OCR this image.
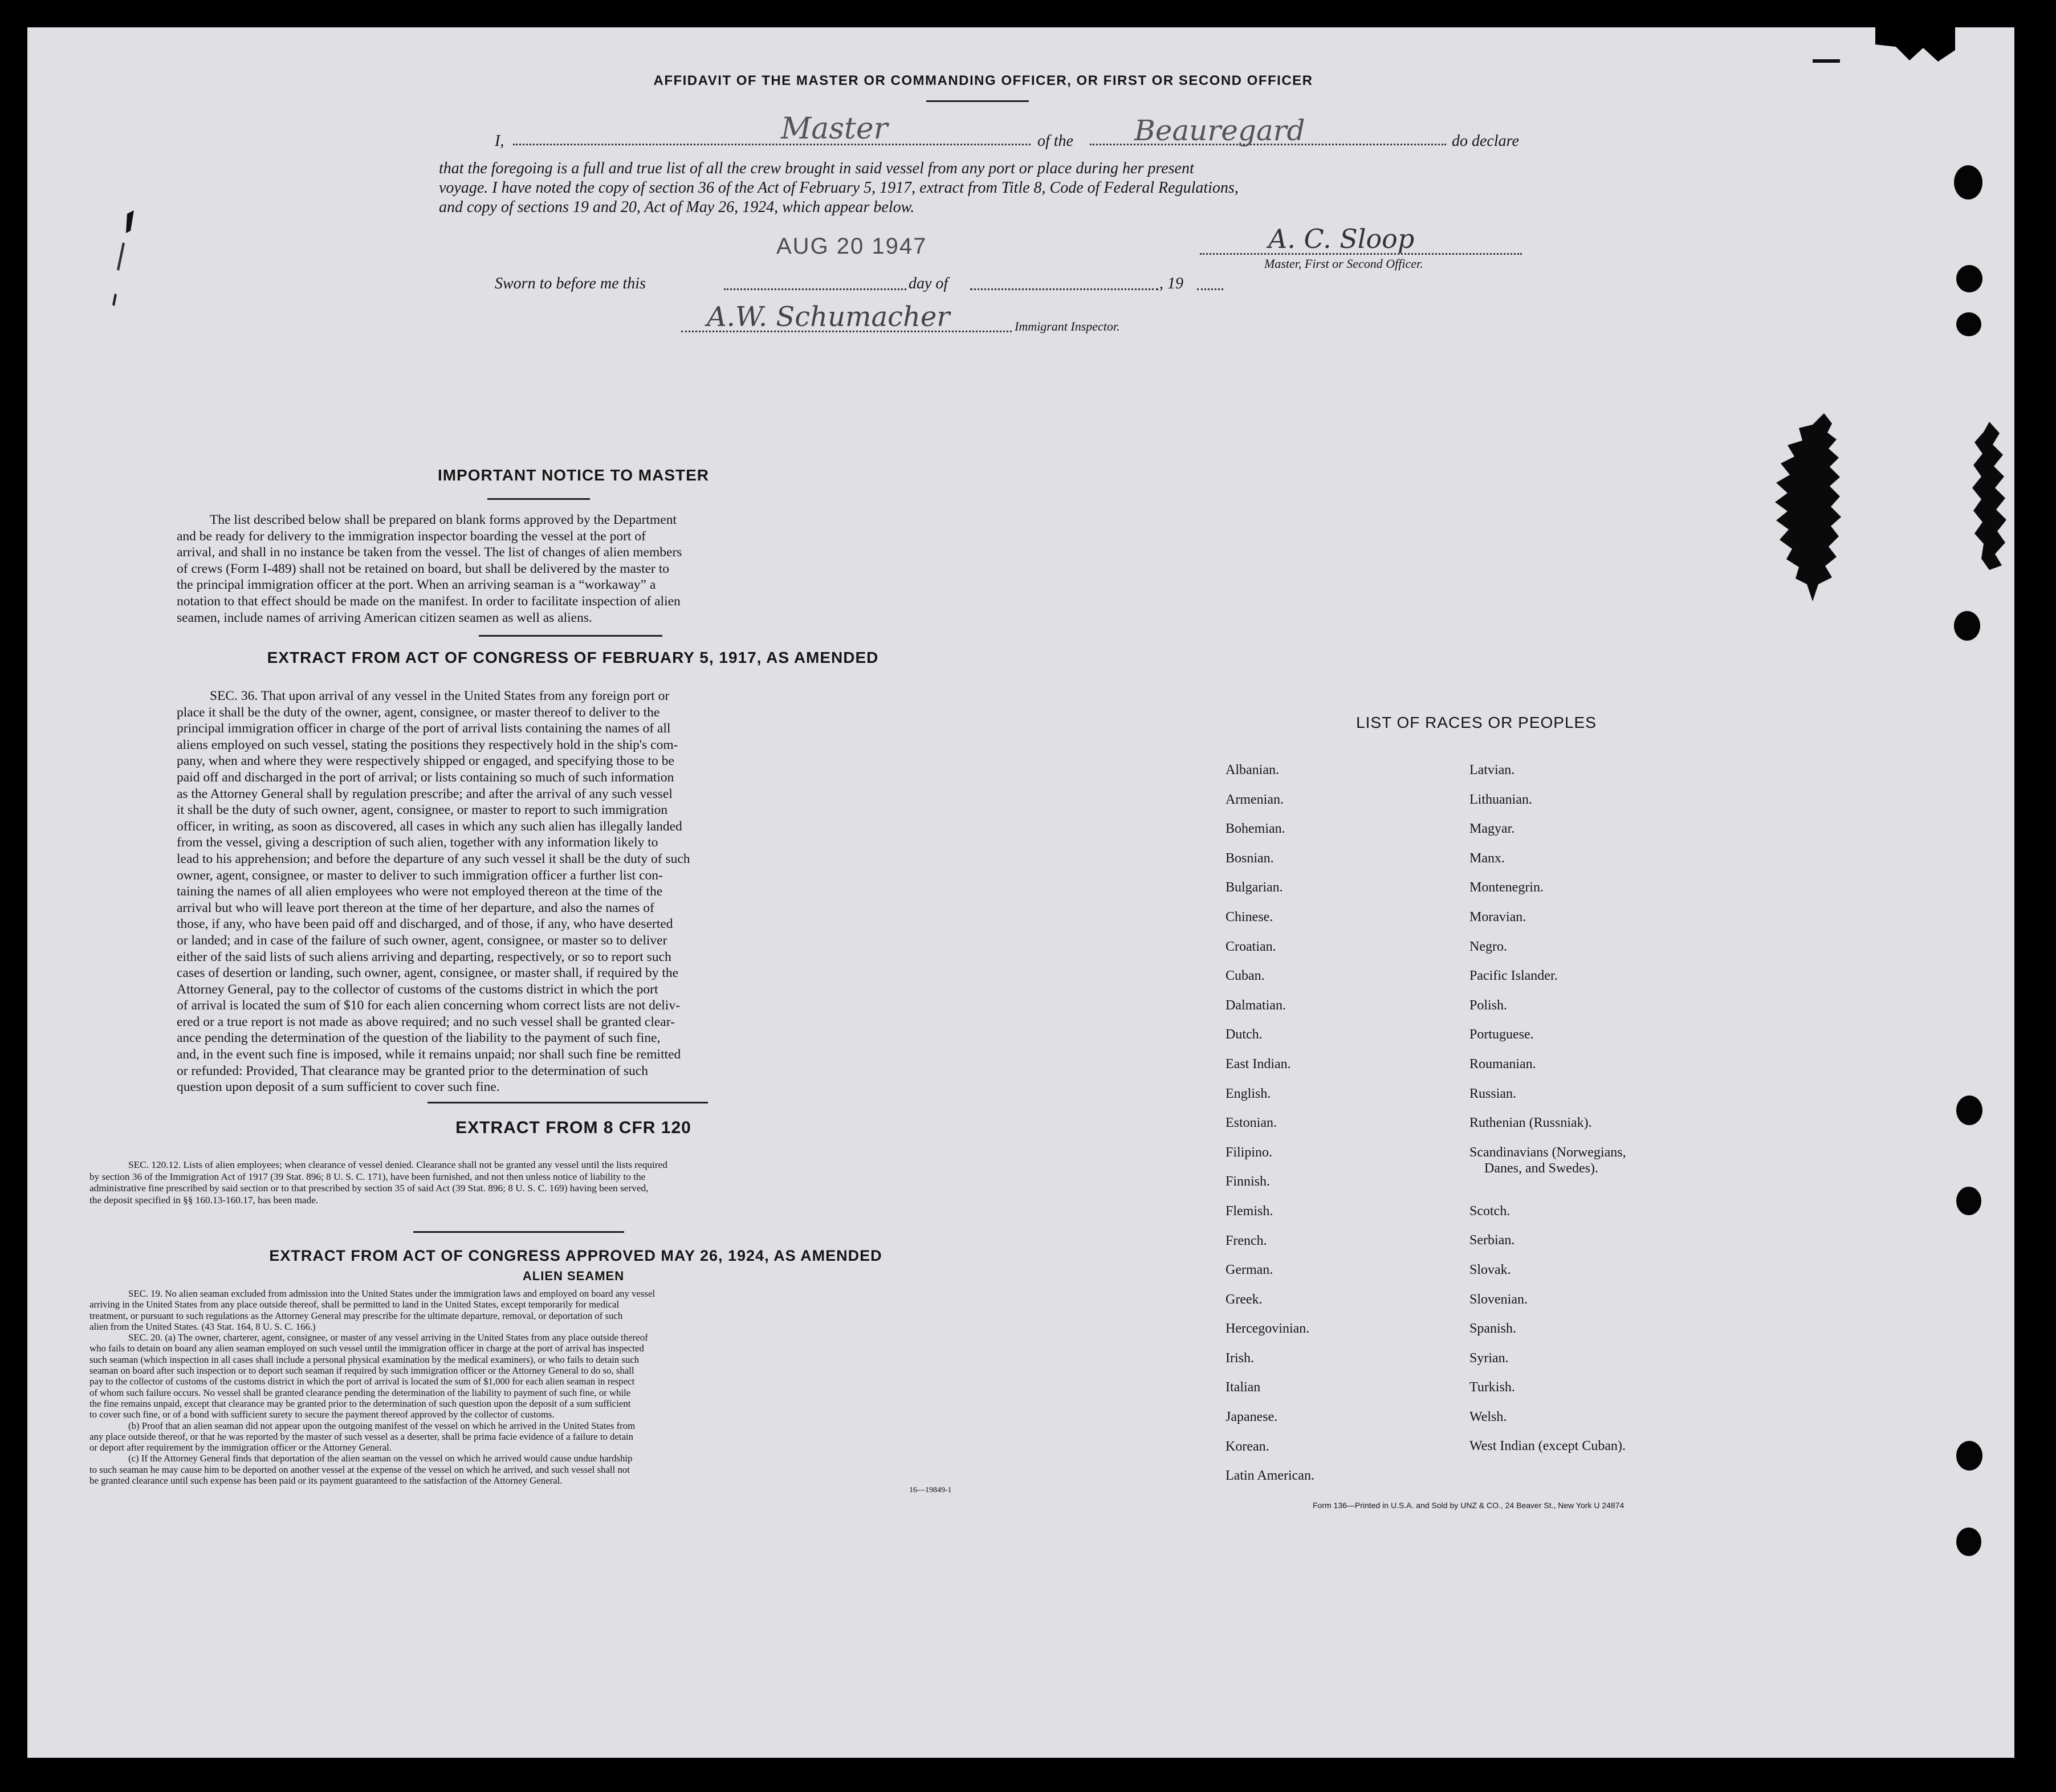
AFFIDAVIT OF THE MASTER OR COMMANDING OFFICER, OR FIRST OR SECOND OFFICER
I,	Master	of the Beauregard	do declare
that the foregoing is a full and true list of all the crew brought in said vessel from any port or place during her present
voyage. I have noted the copy of section 36 of the Act of February 5, 1917, extract from Title 8, Code of Federal Regulations,
and copy of sections 19 and 20, Act of May 26, 1924, which appear below.
AUG 20 1947	A. C. Sloop
Master, First or Second Officer.
Sworn to before me this	day of	, 19
A.W. Schumacher	Immigrant Inspector.
IMPORTANT NOTICE TO MASTER
The list described below shall be prepared on blank forms approved by the Department
and be ready for delivery to the immigration inspector boarding the vessel at the port of
arrival, and shall in no instance be taken from the vessel. The list of changes of alien members
of crews (Form I-489) shall not be retained on board, but shall be delivered by the master to
the principal immigration officer at the port. When an arriving seaman is a “workaway” a
notation to that effect should be made on the manifest. In order to facilitate inspection of alien
seamen, include names of arriving American citizen seamen as well as aliens.
EXTRACT FROM ACT OF CONGRESS OF FEBRUARY 5, 1917, AS AMENDED
SEC. 36. That upon arrival of any vessel in the United States from any foreign port or
place it shall be the duty of the owner, agent, consignee, or master thereof to deliver to the
principal immigration officer in charge of the port of arrival lists containing the names of all
aliens employed on such vessel, stating the positions they respectively hold in the ship's com-
pany, when and where they were respectively shipped or engaged, and specifying those to be
paid off and discharged in the port of arrival; or lists containing so much of such information
as the Attorney General shall by regulation prescribe; and after the arrival of any such vessel
it shall be the duty of such owner, agent, consignee, or master to report to such immigration
officer, in writing, as soon as discovered, all cases in which any such alien has illegally landed
from the vessel, giving a description of such alien, together with any information likely to
lead to his apprehension; and before the departure of any such vessel it shall be the duty of such
owner, agent, consignee, or master to deliver to such immigration officer a further list con-
taining the names of all alien employees who were not employed thereon at the time of the
arrival but who will leave port thereon at the time of her departure, and also the names of
those, if any, who have been paid off and discharged, and of those, if any, who have deserted
or landed; and in case of the failure of such owner, agent, consignee, or master so to deliver
either of the said lists of such aliens arriving and departing, respectively, or so to report such
cases of desertion or landing, such owner, agent, consignee, or master shall, if required by the
Attorney General, pay to the collector of customs of the customs district in which the port
of arrival is located the sum of $10 for each alien concerning whom correct lists are not deliv-
ered or a true report is not made as above required; and no such vessel shall be granted clear-
ance pending the determination of the question of the liability to the payment of such fine,
and, in the event such fine is imposed, while it remains unpaid; nor shall such fine be remitted
or refunded: Provided, That clearance may be granted prior to the determination of such
question upon deposit of a sum sufficient to cover such fine.
EXTRACT FROM 8 CFR 120
SEC. 120.12. Lists of alien employees; when clearance of vessel denied. Clearance shall not be granted any vessel until the lists required
by section 36 of the Immigration Act of 1917 (39 Stat. 896; 8 U. S. C. 171), have been furnished, and not then unless notice of liability to the
administrative fine prescribed by said section or to that prescribed by section 35 of said Act (39 Stat. 896; 8 U. S. C. 169) having been served,
the deposit specified in §§ 160.13-160.17, has been made.
EXTRACT FROM ACT OF CONGRESS APPROVED MAY 26, 1924, AS AMENDED
ALIEN SEAMEN
SEC. 19. No alien seaman excluded from admission into the United States under the immigration laws and employed on board any vessel
arriving in the United States from any place outside thereof, shall be permitted to land in the United States, except temporarily for medical
treatment, or pursuant to such regulations as the Attorney General may prescribe for the ultimate departure, removal, or deportation of such
alien from the United States. (43 Stat. 164, 8 U. S. C. 166.)
SEC. 20. (a) The owner, charterer, agent, consignee, or master of any vessel arriving in the United States from any place outside thereof
who fails to detain on board any alien seaman employed on such vessel until the immigration officer in charge at the port of arrival has inspected
such seaman (which inspection in all cases shall include a personal physical examination by the medical examiners), or who fails to detain such
seaman on board after such inspection or to deport such seaman if required by such immigration officer or the Attorney General to do so, shall
pay to the collector of customs of the customs district in which the port of arrival is located the sum of $1,000 for each alien seaman in respect
of whom such failure occurs. No vessel shall be granted clearance pending the determination of the liability to payment of such fine, or while
the fine remains unpaid, except that clearance may be granted prior to the determination of such question upon the deposit of a sum sufficient
to cover such fine, or of a bond with sufficient surety to secure the payment thereof approved by the collector of customs.
(b) Proof that an alien seaman did not appear upon the outgoing manifest of the vessel on which he arrived in the United States from
any place outside thereof, or that he was reported by the master of such vessel as a deserter, shall be prima facie evidence of a failure to detain
or deport after requirement by the immigration officer or the Attorney General.
(c) If the Attorney General finds that deportation of the alien seaman on the vessel on which he arrived would cause undue hardship
to such seaman he may cause him to be deported on another vessel at the expense of the vessel on which he arrived, and such vessel shall not
be granted clearance until such expense has been paid or its payment guaranteed to the satisfaction of the Attorney General.
16—19849-1
LIST OF RACES OR PEOPLES
Albanian.
Armenian.
Bohemian.
Bosnian.
Bulgarian.
Chinese.
Croatian.
Cuban.
Dalmatian.
Dutch.
East Indian.
English.
Estonian.
Filipino.
Finnish.
Flemish.
French.
German.
Greek.
Hercegovinian.
Irish.
Italian
Japanese.
Korean.
Latin American.
Latvian.
Lithuanian.
Magyar.
Manx.
Montenegrin.
Moravian.
Negro.
Pacific Islander.
Polish.
Portuguese.
Roumanian.
Russian.
Ruthenian (Russniak).
Scandinavians (Norwegians,
Danes, and Swedes).
Scotch.
Serbian.
Slovak.
Slovenian.
Spanish.
Syrian.
Turkish.
Welsh.
West Indian (except Cuban).
Form 136—Printed in U.S.A. and Sold by UNZ & CO., 24 Beaver St., New York U 24874
